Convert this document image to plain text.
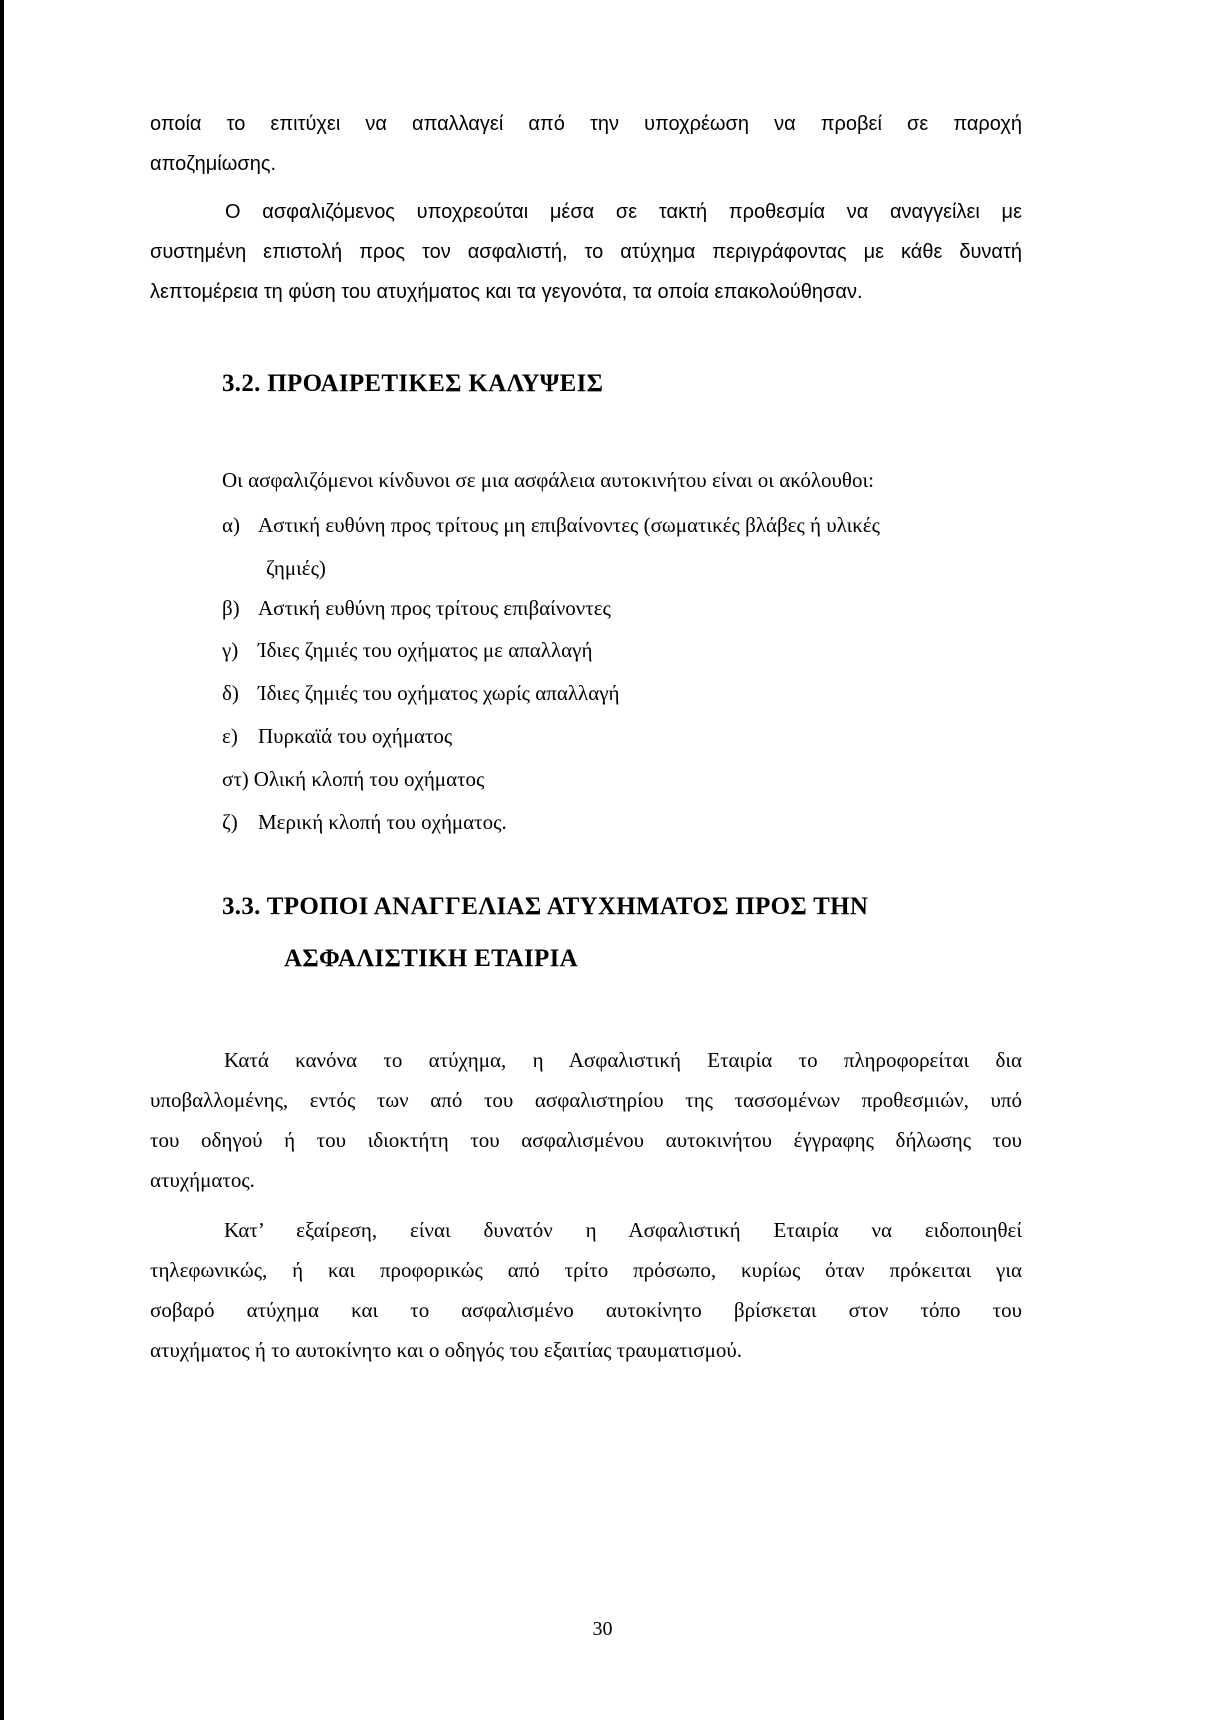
οποία το επιτύχει να απαλλαγεί από την υποχρέωση να προβεί σε παροχή
αποζημίωσης.
Ο ασφαλιζόμενος υποχρεούται μέσα σε τακτή προθεσμία να αναγγείλει με
συστημένη επιστολή προς τον ασφαλιστή, το ατύχημα περιγράφοντας με κάθε δυνατή
λεπτομέρεια τη φύση του ατυχήματος και τα γεγονότα, τα οποία επακολούθησαν.
3.2. ΠΡΟΑΙΡΕΤΙΚΕΣ ΚΑΛΥΨΕΙΣ
Οι ασφαλιζόμενοι κίνδυνοι σε μια ασφάλεια αυτοκινήτου είναι οι ακόλουθοι:
α) Αστική ευθύνη προς τρίτους μη επιβαίνοντες (σωματικές βλάβες ή υλικές
ζημιές)
β) Αστική ευθύνη προς τρίτους επιβαίνοντες
γ) Ίδιες ζημιές του οχήματος με απαλλαγή
δ) Ίδιες ζημιές του οχήματος χωρίς απαλλαγή
ε) Πυρκαϊά του οχήματος
στ) Ολική κλοπή του οχήματος
ζ) Μερική κλοπή του οχήματος.
3.3. ΤΡΟΠΟΙ ΑΝΑΓΓΕΛΙΑΣ ΑΤΥΧΗΜΑΤΟΣ ΠΡΟΣ ΤΗΝ
ΑΣΦΑΛΙΣΤΙΚΗ ΕΤΑΙΡΙΑ
Κατά κανόνα το ατύχημα, η Ασφαλιστική Εταιρία το πληροφορείται δια
υποβαλλομένης, εντός των από του ασφαλιστηρίου της τασσομένων προθεσμιών, υπό
του οδηγού ή του ιδιοκτήτη του ασφαλισμένου αυτοκινήτου έγγραφης δήλωσης του
ατυχήματος.
Κατ’ εξαίρεση, είναι δυνατόν η Ασφαλιστική Εταιρία να ειδοποιηθεί
τηλεφωνικώς, ή και προφορικώς από τρίτο πρόσωπο, κυρίως όταν πρόκειται για
σοβαρό ατύχημα και το ασφαλισμένο αυτοκίνητο βρίσκεται στον τόπο του
ατυχήματος ή το αυτοκίνητο και ο οδηγός του εξαιτίας τραυματισμού.
30
